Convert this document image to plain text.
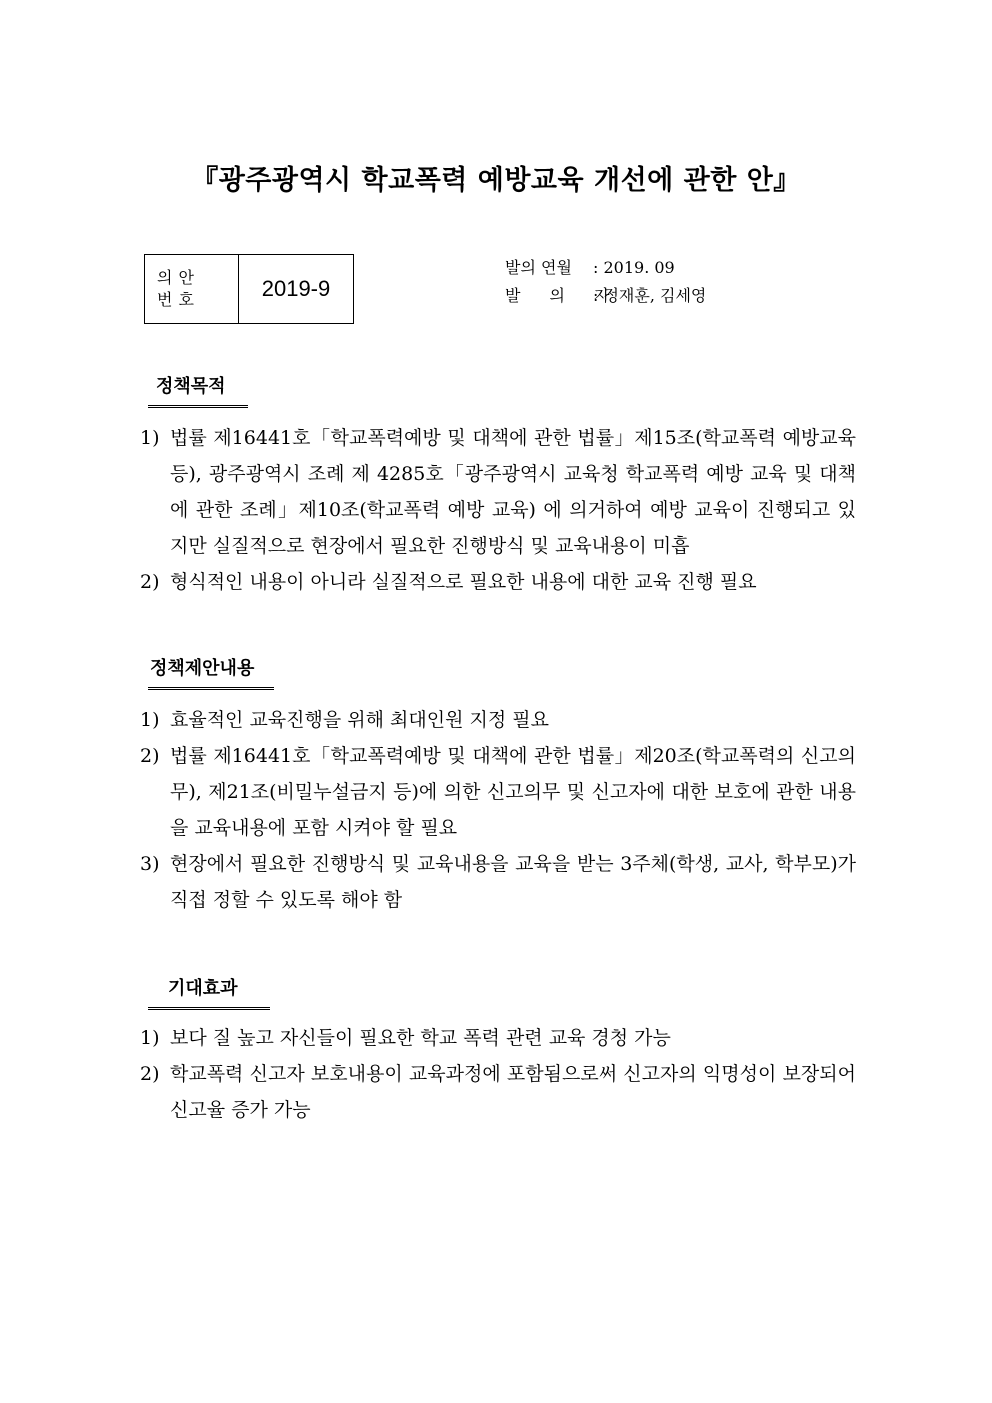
『광주광역시 학교폭력 예방교육 개선에 관한 안』
의안
번호	2019-9
발의 연월	: 2019. 09
발 의 자
: 정재훈, 김세영
정책목적
1) 법률 제16441호「학교폭력예방 및 대책에 관한 법률」제15조(학교폭력 예방교육 등), 광주광역시 조례 제 4285호「광주광역시 교육청 학교폭력 예방 교육 및 대책에 관한 조례」제10조(학교폭력 예방 교육) 에 의거하여 예방 교육이 진행되고 있지만 실질적으로 현장에서 필요한 진행방식 및 교육내용이 미흡
2) 형식적인 내용이 아니라 실질적으로 필요한 내용에 대한 교육 진행 필요
정책제안내용
1) 효율적인 교육진행을 위해 최대인원 지정 필요
2) 법률 제16441호「학교폭력예방 및 대책에 관한 법률」제20조(학교폭력의 신고의무), 제21조(비밀누설금지 등)에 의한 신고의무 및 신고자에 대한 보호에 관한 내용을 교육내용에 포함 시켜야 할 필요
3) 현장에서 필요한 진행방식 및 교육내용을 교육을 받는 3주체(학생, 교사, 학부모)가 직접 정할 수 있도록 해야 함
기대효과
1) 보다 질 높고 자신들이 필요한 학교 폭력 관련 교육 경청 가능
2) 학교폭력 신고자 보호내용이 교육과정에 포함됨으로써 신고자의 익명성이 보장되어 신고율 증가 가능
